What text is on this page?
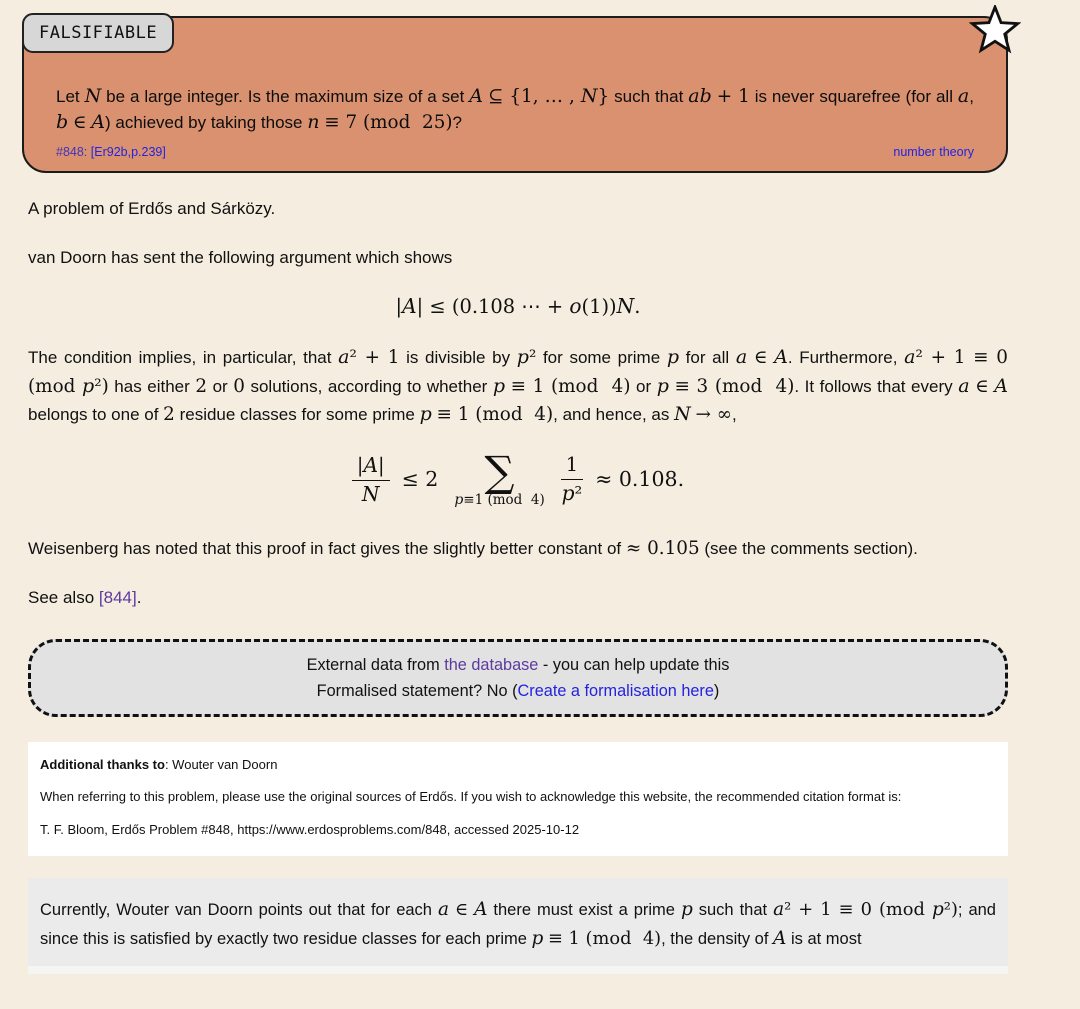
FALSIFIABLE

Let N be a large integer. Is the maximum size of a set A ⊆ {1, … , N} such that ab + 1 is never squarefree (for all a, b ∈ A) achieved by taking those n ≡ 7 (mod  25)?

#848: [Er92b,p.239]	number theory

A problem of Erdős and Sárközy.

van Doorn has sent the following argument which shows

|A| ≤ (0.108 ⋯ + o(1))N.

The condition implies, in particular, that a² + 1 is divisible by p² for some prime p for all a ∈ A. Furthermore, a² + 1 ≡ 0 (mod p²) has either 2 or 0 solutions, according to whether p ≡ 1 (mod  4) or p ≡ 3 (mod  4). It follows that every a ∈ A belongs to one of 2 residue classes for some prime p ≡ 1 (mod  4), and hence, as N → ∞,

$\frac{|A|}{N} \le 2$ ∑
p≡1 (mod  $4) \frac{1}{\text{p²}} \approx 0.108$.

Weisenberg has noted that this proof in fact gives the slightly better constant of ≈ 0.105 (see the comments section).

See also [844].

External data from the database - you can help update this
Formalised statement? No (Create a formalisation here)

Additional thanks to: Wouter van Doorn

When referring to this problem, please use the original sources of Erdős. If you wish to acknowledge this website, the recommended citation format is:

T. F. Bloom, Erdős Problem #848, https://www.erdosproblems.com/848, accessed 2025-10-12

Currently, Wouter van Doorn points out that for each a ∈ A there must exist a prime p such that a² + 1 ≡ 0 (mod p²); and since this is satisfied by exactly two residue classes for each prime p ≡ 1 (mod  4), the density of A is at most
